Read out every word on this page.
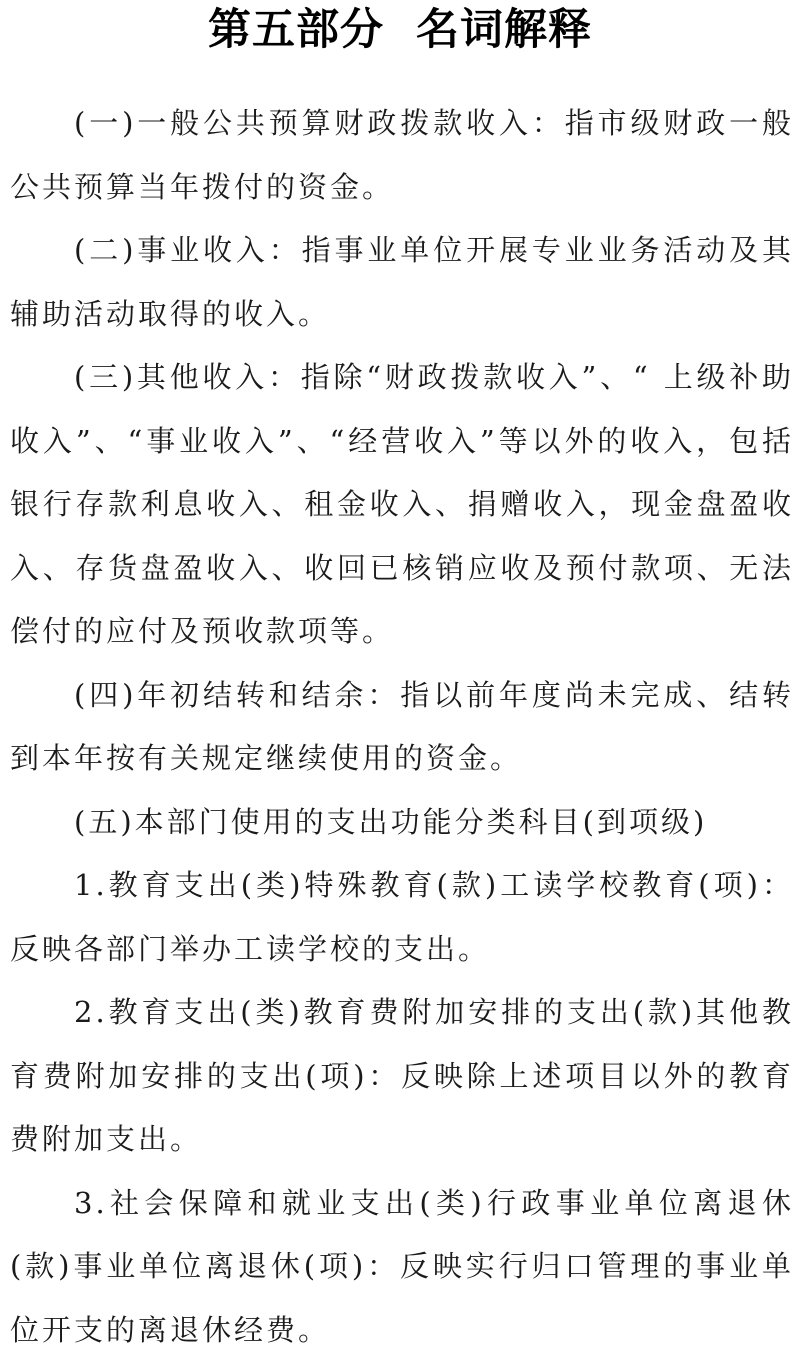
第五部分  名词解释

(一)一般公共预算财政拨款收入：指市级财政一般公共预算当年拨付的资金。

(二)事业收入：指事业单位开展专业业务活动及其辅助活动取得的收入。

(三)其他收入：指除“财政拨款收入”、“ 上级补助收入”、“事业收入”、“经营收入”等以外的收入，包括银行存款利息收入、租金收入、捐赠收入，现金盘盈收入、存货盘盈收入、收回已核销应收及预付款项、无法偿付的应付及预收款项等。

(四)年初结转和结余：指以前年度尚未完成、结转到本年按有关规定继续使用的资金。

(五)本部门使用的支出功能分类科目(到项级)

1.教育支出(类)特殊教育(款)工读学校教育(项)：反映各部门举办工读学校的支出。

2.教育支出(类)教育费附加安排的支出(款)其他教育费附加安排的支出(项)：反映除上述项目以外的教育费附加支出。

3.社会保障和就业支出(类)行政事业单位离退休(款)事业单位离退休(项)：反映实行归口管理的事业单位开支的离退休经费。
